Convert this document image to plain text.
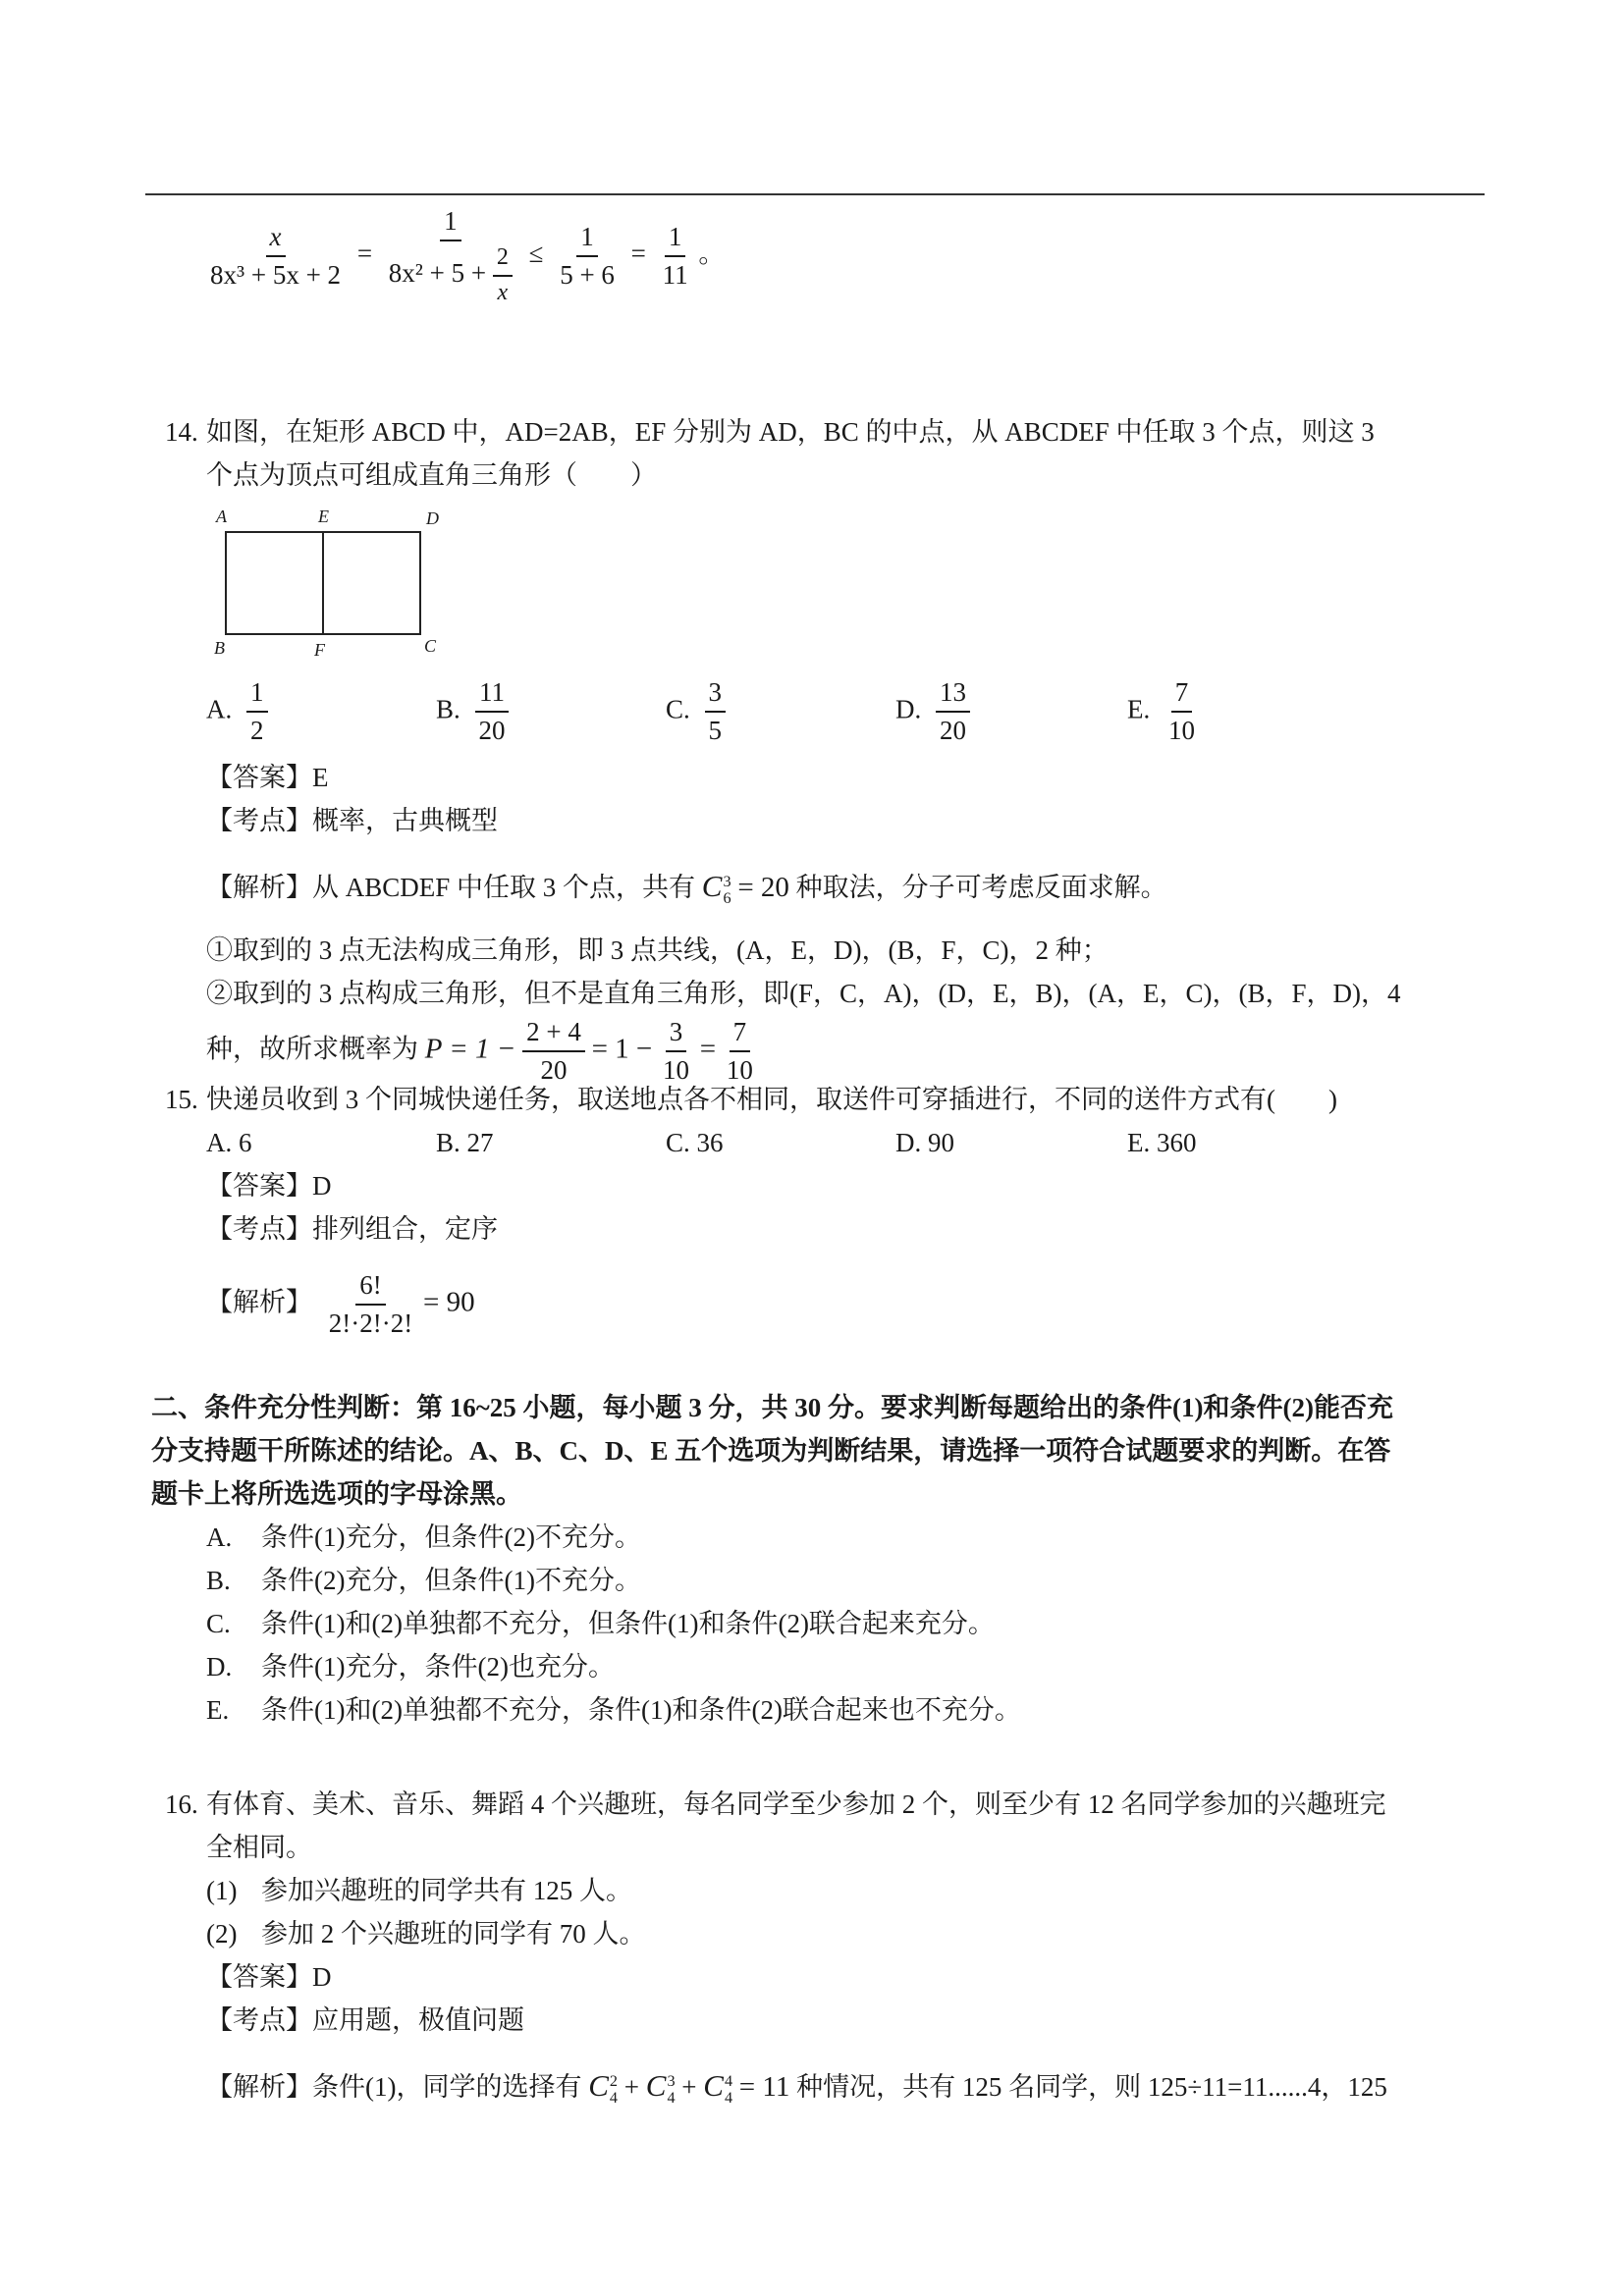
$\frac{x}{\text{8x³ + 5x + 2}} = \frac{1}{8x^2 + 5 + \frac{2}{x}} \le \frac{1}{5 + 6} = \frac{1}{11}$ 。
14. 如图，在矩形 ABCD 中，AD=2AB，EF 分别为 AD，BC 的中点，从 ABCDEF 中任取 3 个点，则这 3
个点为顶点可组成直角三角形（　　）
A	E	D
B	F	C
A. $\frac{1}{2}$	B. $\frac{11}{20}$	C. $\frac{3}{5}$	D. $\frac{13}{20}$	E. $\frac{7}{10}$
【答案】E
【考点】概率，古典概型
【解析】从 ABCDEF 中任取 3 个点，共有 C 3
6 = 20 种取法，分子可考虑反面求解。
①取到的 3 点无法构成三角形，即 3 点共线，(A，E，D)，(B，F，C)，2 种；
②取到的 3 点构成三角形，但不是直角三角形，即(F，C，A)，(D，E，B)，(A，E，C)，(B，F，D)，4
种，故所求概率为 $P = 1 - \frac{2 + 4}{20} = 1 - \frac{3}{10} = \frac{7}{10}$
15. 快递员收到 3 个同城快递任务，取送地点各不相同，取送件可穿插进行，不同的送件方式有(　　)
A. 6	B. 27	C. 36	D. 90	E. 360
【答案】D
【考点】排列组合，定序
【解析】 $\frac{6!}{2!\cdot 2!\cdot 2!} = 90$
二、条件充分性判断：第 16~25 小题，每小题 3 分，共 30 分。要求判断每题给出的条件(1)和条件(2)能否充
分支持题干所陈述的结论。A、B、C、D、E 五个选项为判断结果，请选择一项符合试题要求的判断。在答
题卡上将所选选项的字母涂黑。
A. 条件(1)充分，但条件(2)不充分。
B. 条件(2)充分，但条件(1)不充分。
C. 条件(1)和(2)单独都不充分，但条件(1)和条件(2)联合起来充分。
D. 条件(1)充分，条件(2)也充分。
E. 条件(1)和(2)单独都不充分，条件(1)和条件(2)联合起来也不充分。
16. 有体育、美术、音乐、舞蹈 4 个兴趣班，每名同学至少参加 2 个，则至少有 12 名同学参加的兴趣班完
全相同。
(1) 参加兴趣班的同学共有 125 人。
(2) 参加 2 个兴趣班的同学有 70 人。
【答案】D
【考点】应用题，极值问题
【解析】条件(1)，同学的选择有 C 2
4 + C 3
4 + C 4
4 = 11 种情况，共有 125 名同学，则 125÷11=11......4，125
